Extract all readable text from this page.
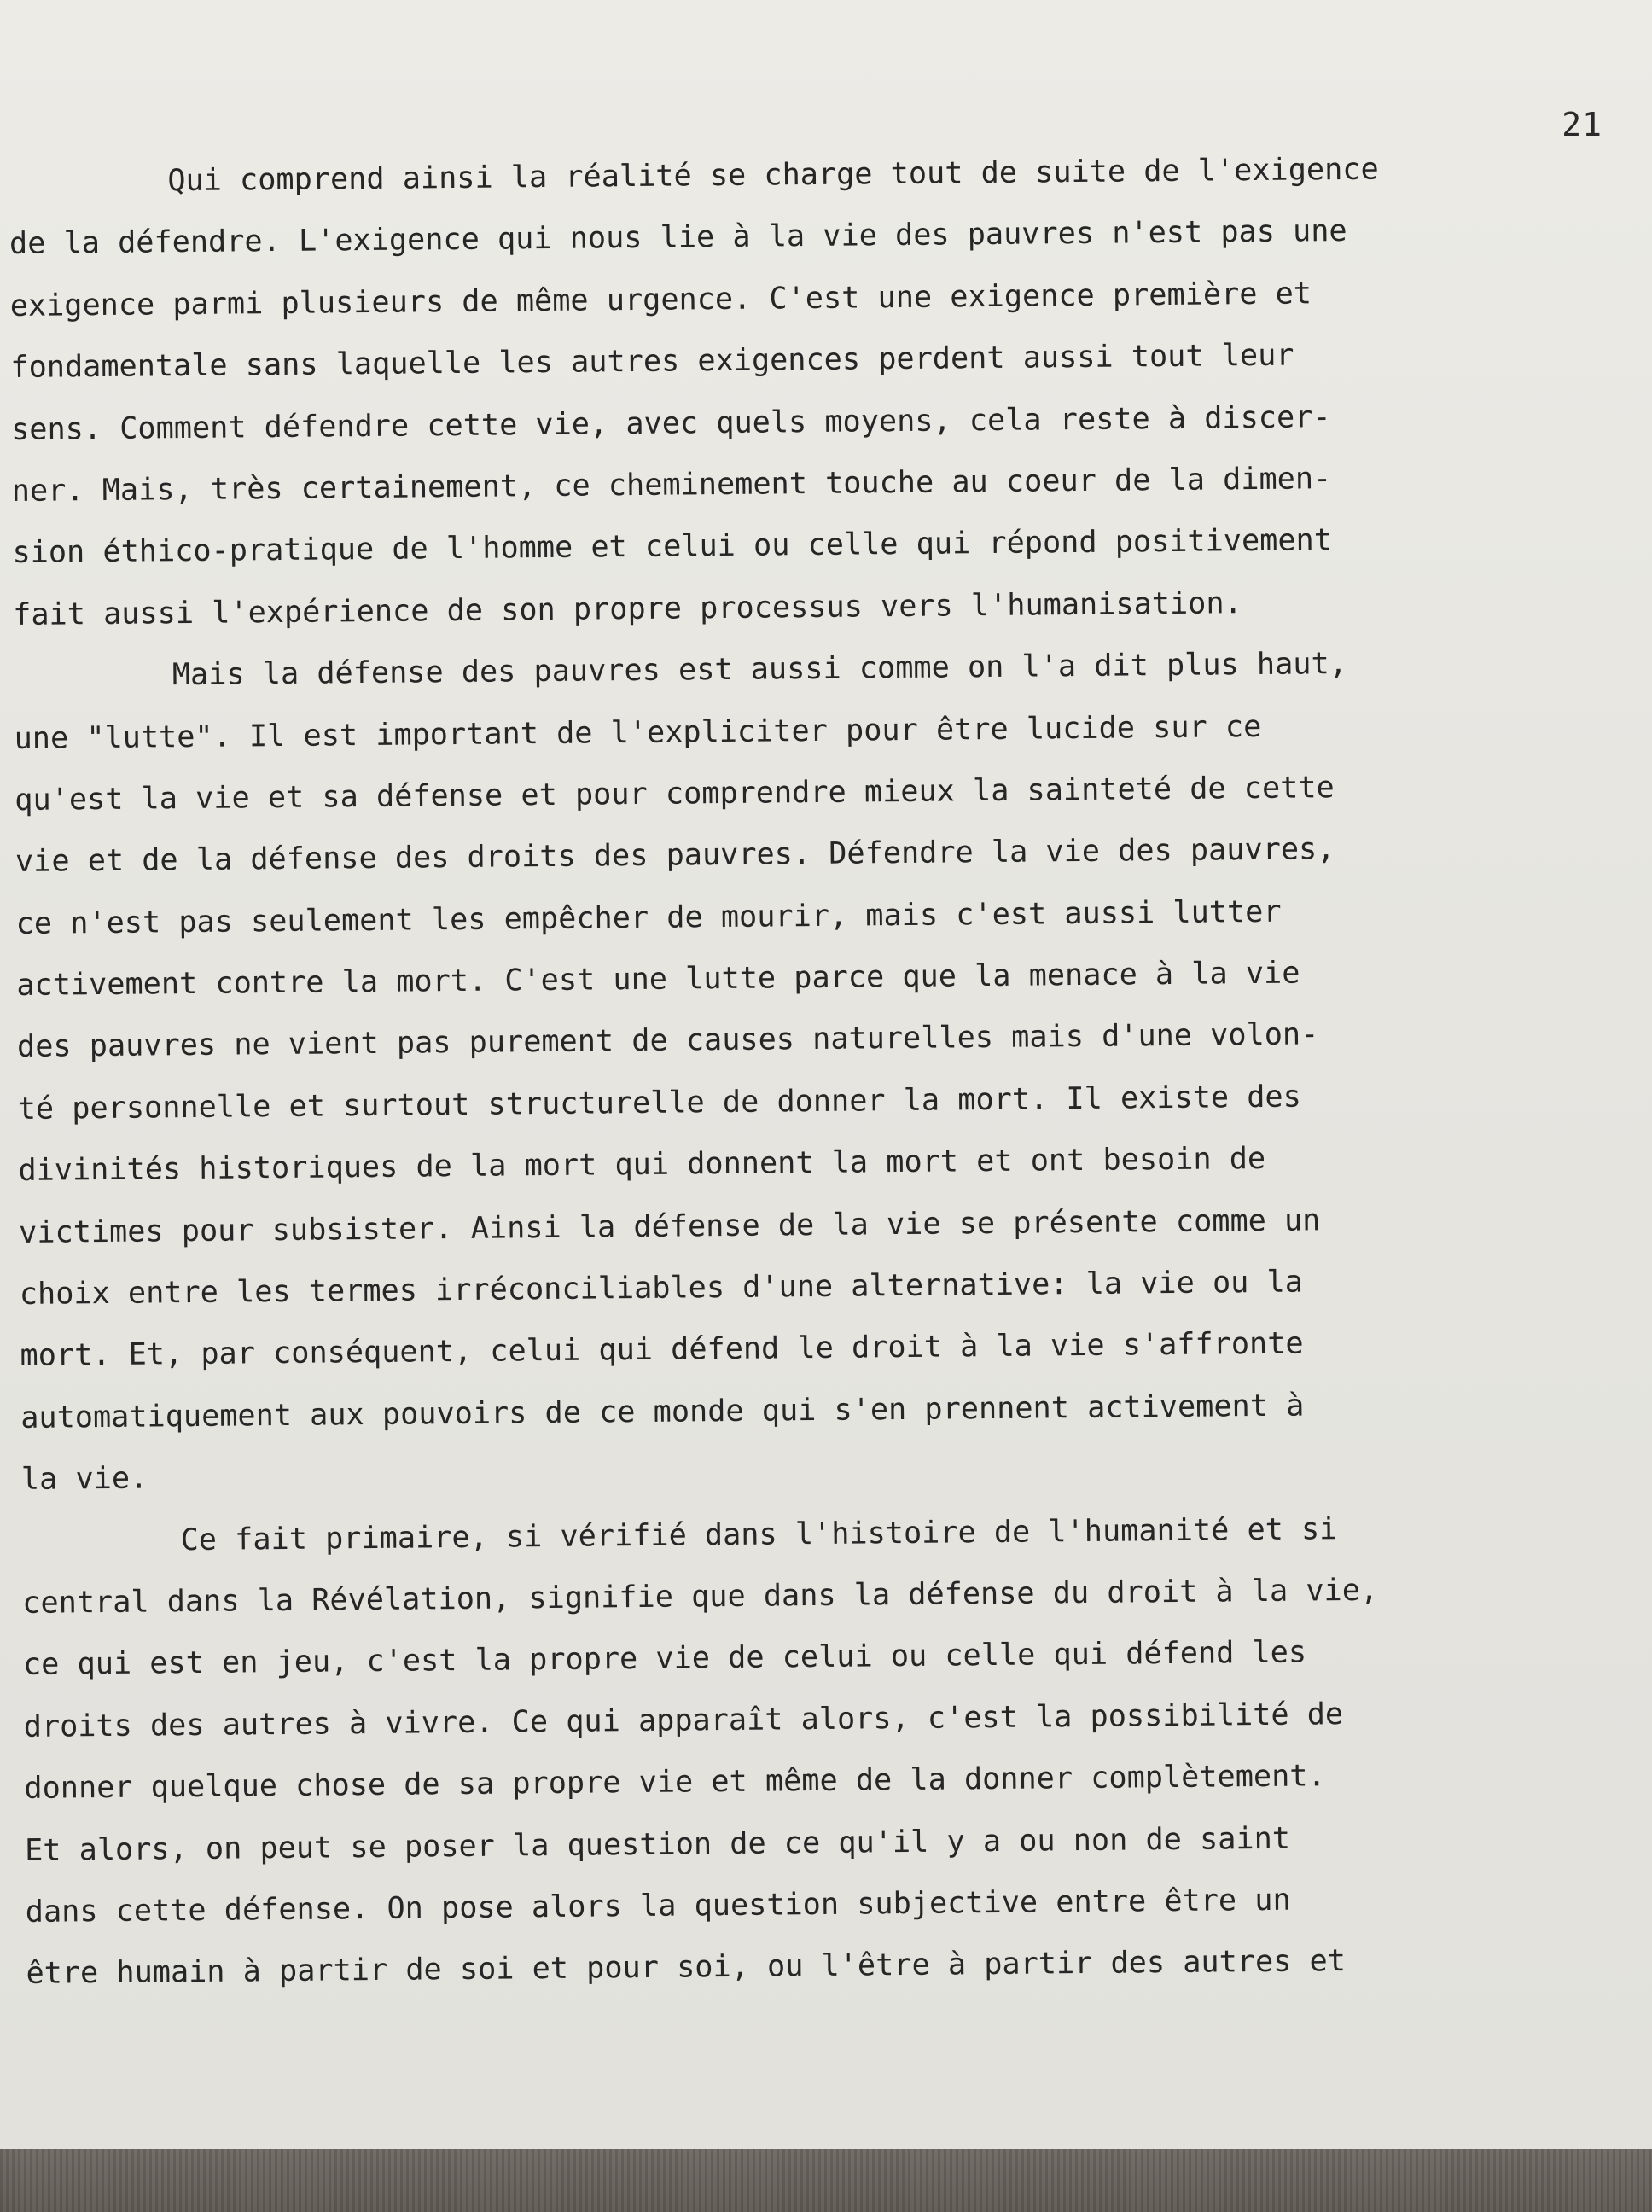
21
Qui comprend ainsi la réalité se charge tout de suite de l'exigence
de la défendre. L'exigence qui nous lie à la vie des pauvres n'est pas une
exigence parmi plusieurs de même urgence. C'est une exigence première et
fondamentale sans laquelle les autres exigences perdent aussi tout leur
sens. Comment défendre cette vie, avec quels moyens, cela reste à discer-
ner. Mais, très certainement, ce cheminement touche au coeur de la dimen-
sion éthico-pratique de l'homme et celui ou celle qui répond positivement
fait aussi l'expérience de son propre processus vers l'humanisation.
Mais la défense des pauvres est aussi comme on l'a dit plus haut,
une "lutte". Il est important de l'expliciter pour être lucide sur ce
qu'est la vie et sa défense et pour comprendre mieux la sainteté de cette
vie et de la défense des droits des pauvres. Défendre la vie des pauvres,
ce n'est pas seulement les empêcher de mourir, mais c'est aussi lutter
activement contre la mort. C'est une lutte parce que la menace à la vie
des pauvres ne vient pas purement de causes naturelles mais d'une volon-
té personnelle et surtout structurelle de donner la mort. Il existe des
divinités historiques de la mort qui donnent la mort et ont besoin de
victimes pour subsister. Ainsi la défense de la vie se présente comme un
choix entre les termes irréconciliables d'une alternative: la vie ou la
mort. Et, par conséquent, celui qui défend le droit à la vie s'affronte
automatiquement aux pouvoirs de ce monde qui s'en prennent activement à
la vie.
Ce fait primaire, si vérifié dans l'histoire de l'humanité et si
central dans la Révélation, signifie que dans la défense du droit à la vie,
ce qui est en jeu, c'est la propre vie de celui ou celle qui défend les
droits des autres à vivre. Ce qui apparaît alors, c'est la possibilité de
donner quelque chose de sa propre vie et même de la donner complètement.
Et alors, on peut se poser la question de ce qu'il y a ou non de saint
dans cette défense. On pose alors la question subjective entre être un
être humain à partir de soi et pour soi, ou l'être à partir des autres et
